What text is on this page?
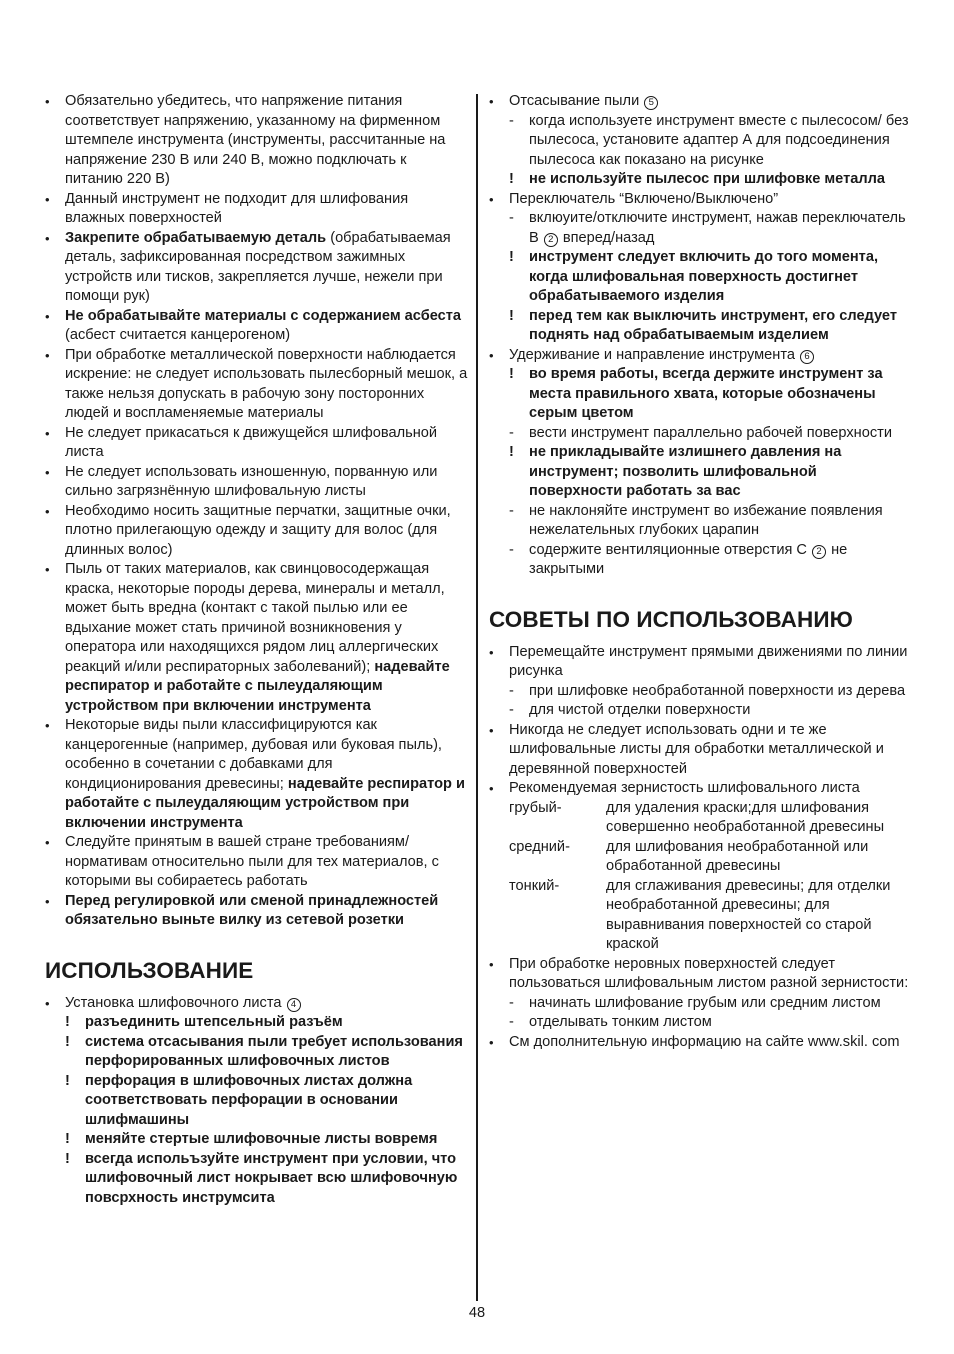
• Обязательно убедитесь, что напряжение питания соответствует напряжению, указанному на фирменном штемпеле инструмента (инструменты, рассчитанные на напряжение 230 В или 240 В, можно подключать к питанию 220 В)
• Данный инструмент не подходит для шлифования влажных поверхностей
• Закрепите обрабатываемую деталь (обрабатываемая деталь, зафиксированная посредством зажимных устройств или тисков, закрепляется лучше, нежели при помощи рук)
• Не обрабатывайте материалы с содержанием асбеста (асбест считается канцерогеном)
• При обработке металлической поверхности наблюдается искрение: не следует использовать пылесборный мешок, а также нельзя допускать в рабочую зону посторонних людей и воспламеняемые материалы
• Не следует прикасаться к движущейся шлифовальной листа
• Не следует использовать изношенную, порванную или сильно загрязнённую шлифовальную листы
• Необходимо носить защитные перчатки, защитные очки, плотно прилегающую одежду и защиту для волос (для длинных волос)
• Пыль от таких материалов, как свинцовосодержащая краска, некоторые породы дерева, минералы и металл, может быть вредна (контакт с такой пылью или ее вдыхание может стать причиной возникновения у оператора или находящихся рядом лиц аллергических реакций и/или респираторных заболеваний); надевайте респиратор и работайте с пылеудаляющим устройством при включении инструмента
• Некоторые виды пыли классифицируются как канцерогенные (например, дубовая или буковая пыль), особенно в сочетании с добавками для кондиционирования древесины; надевайте респиратор и работайте с пылеудаляющим устройством при включении инструмента
• Следуйте принятым в вашей стране требованиям/ нормативам относительно пыли для тех материалов, с которыми вы собираетесь работать
• Перед регулировкой или сменой принадлежностей обязательно выньте вилку из сетевой розетки
ИСПОЛЬЗОВАНИЕ
• Установка шлифовочного листа 4
! разъединить штепсельный разъём
! система отсасывания пыли требует использования перфорированных шлифовочных листов
! перфорация в шлифовочных листах должна соответствовать перфорации в основании шлифмашины
! меняйте стертые шлифовочные листы вовремя
! всегда испольъзуйте инструмент при условии, что шлифовочный лист нокрывает всю шлифовочную повсрхность инструмсита
• Отсасывание пыли 5
- когда используете инструмент вместе с пылесосом/ без пылесоса, установите адаптер А для подсоединения пылесоса как показано на рисунке
! не используйте пылесос при шлифовке металла
• Переключатель “Включено/Выключено”
- вклюуите/отключите инструмент, нажав переключатель В 2 вперед/назад
! инструмент следует включить до того момента, когда шлифовальная поверхность достигнет обрабатываемого изделия
! перед тем как выключить инструмент, его следует поднять над обрабатываемым изделием
• Удерживание и направление инструмента 6
! во время работы, всегда держите инструмент за места правильного хвата, которые обозначены серым цветом
- вести инструмент параллельно рабочей поверхности
! не прикладывайте излишнего давления на инструмент; позволить шлифовальной поверхности работать за вас
- не наклоняйте инструмент во избежание появления нежелательных глубоких царапин
- содержите вентиляционные отверстия С 2 не закрытыми
СОВЕТЫ ПО ИСПОЛЬЗОВАНИЮ
• Перемещайте инструмент прямыми движениями по линии рисунка
- при шлифовке необработанной поверхности из дерева
- для чистой отделки поверхности
• Никогда не следует использовать одни и те же шлифовальные листы для обработки металлической и деревянной поверхностей
• Рекомендуемая зернистость шлифовального листа
грубый-	для удаления краски;для шлифования совершенно необработанной древесины
средний-	для шлифования необработанной или обработанной древесины
тонкий-	для сглаживания древесины; для отделки необработанной древесины; для выравнивания поверхностей со старой краской
• При обработке неровных поверхностей следует пользоваться шлифовальным листом разной зернистости:
- начинать шлифование грубым или средним листом
- отделывать тонким листом
• См дополнительную информацию на сайте www.skil. com
48
